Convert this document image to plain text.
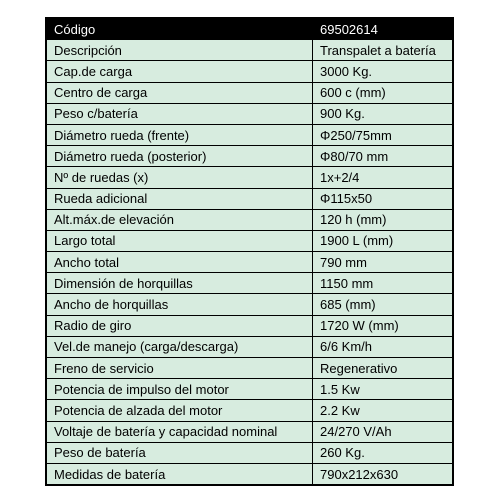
Código	69502614
Descripción	Transpalet a batería
Cap.de carga	3000 Kg.
Centro de carga	600 c (mm)
Peso c/batería	900 Kg.
Diámetro rueda (frente)	Φ250/75mm
Diámetro rueda (posterior)	Φ80/70 mm
Nº de ruedas (x)	1x+2/4
Rueda adicional	Φ115x50
Alt.máx.de elevación	120 h (mm)
Largo total	1900 L (mm)
Ancho total	790 mm
Dimensión de horquillas	1150 mm
Ancho de horquillas	685 (mm)
Radio de giro	1720 W (mm)
Vel.de manejo (carga/descarga)	6/6 Km/h
Freno de servicio	Regenerativo
Potencia de impulso del motor	1.5 Kw
Potencia de alzada del motor	2.2 Kw
Voltaje de batería y capacidad nominal	24/270 V/Ah
Peso de batería	260 Kg.
Medidas de batería	790x212x630
